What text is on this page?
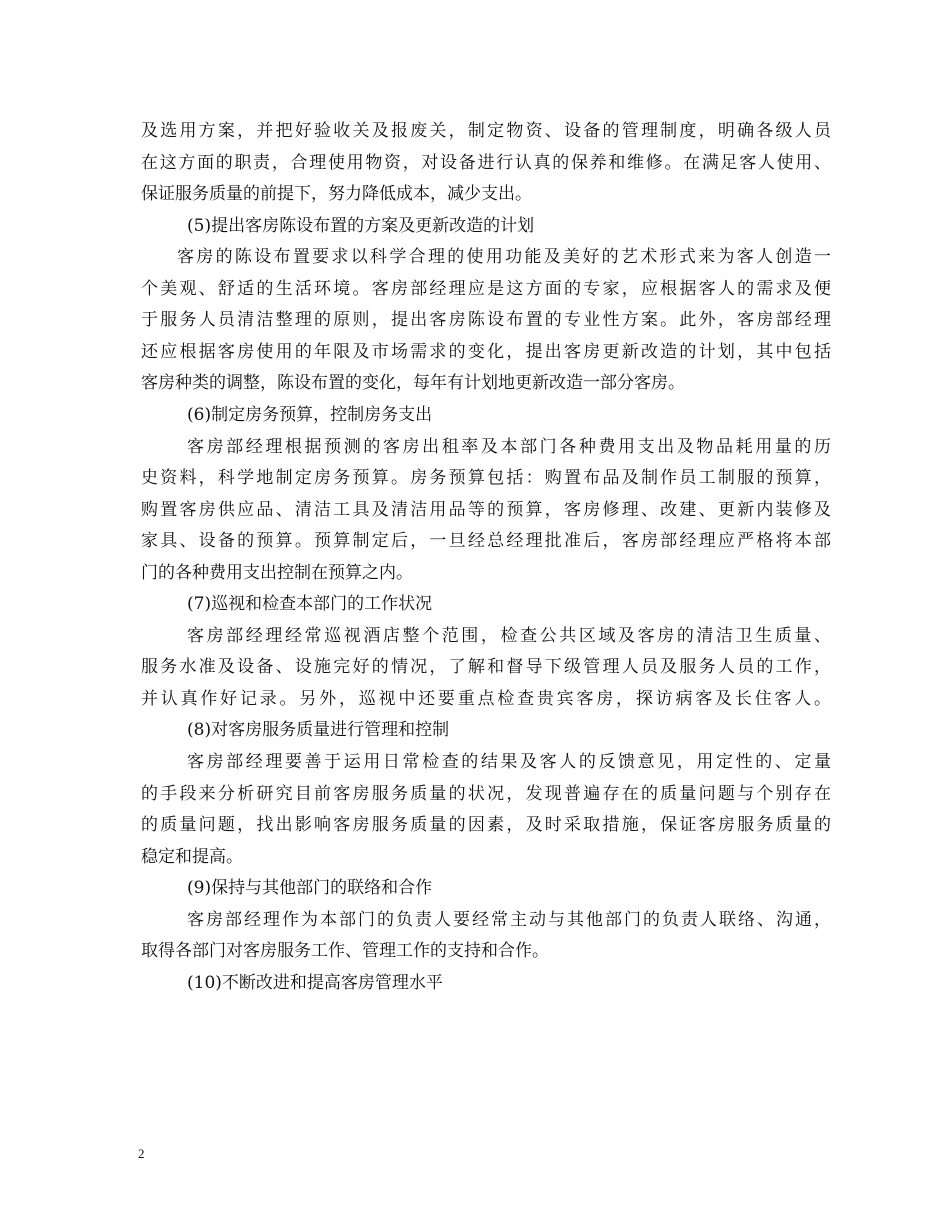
及选用方案，并把好验收关及报废关，制定物资、设备的管理制度，明确各级人员
在这方面的职责，合理使用物资，对设备进行认真的保养和维修。在满足客人使用、
保证服务质量的前提下，努力降低成本，减少支出。
(5)提出客房陈设布置的方案及更新改造的计划
客房的陈设布置要求以科学合理的使用功能及美好的艺术形式来为客人创造一
个美观、舒适的生活环境。客房部经理应是这方面的专家，应根据客人的需求及便
于服务人员清洁整理的原则，提出客房陈设布置的专业性方案。此外，客房部经理
还应根据客房使用的年限及市场需求的变化，提出客房更新改造的计划，其中包括
客房种类的调整，陈设布置的变化，每年有计划地更新改造一部分客房。
(6)制定房务预算，控制房务支出
客房部经理根据预测的客房出租率及本部门各种费用支出及物品耗用量的历
史资料，科学地制定房务预算。房务预算包括：购置布品及制作员工制服的预算，
购置客房供应品、清洁工具及清洁用品等的预算，客房修理、改建、更新内装修及
家具、设备的预算。预算制定后，一旦经总经理批准后，客房部经理应严格将本部
门的各种费用支出控制在预算之内。
(7)巡视和检查本部门的工作状况
客房部经理经常巡视酒店整个范围，检查公共区域及客房的清洁卫生质量、
服务水准及设备、设施完好的情况，了解和督导下级管理人员及服务人员的工作，
并认真作好记录。另外，巡视中还要重点检查贵宾客房，探访病客及长住客人。
(8)对客房服务质量进行管理和控制
客房部经理要善于运用日常检查的结果及客人的反馈意见，用定性的、定量
的手段来分析研究目前客房服务质量的状况，发现普遍存在的质量问题与个别存在
的质量问题，找出影响客房服务质量的因素，及时采取措施，保证客房服务质量的
稳定和提高。
(9)保持与其他部门的联络和合作
客房部经理作为本部门的负责人要经常主动与其他部门的负责人联络、沟通，
取得各部门对客房服务工作、管理工作的支持和合作。
(10)不断改进和提高客房管理水平
2
